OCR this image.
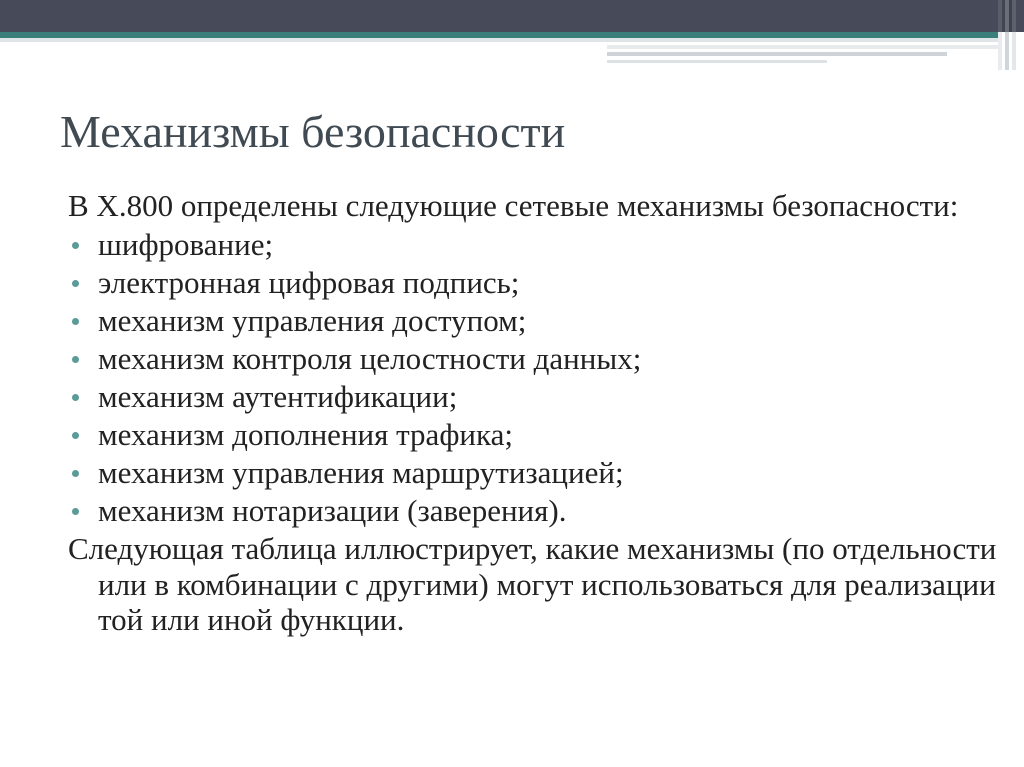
Механизмы безопасности

В X.800 определены следующие сетевые механизмы безопасности:

шифрование;
электронная цифровая подпись;
механизм управления доступом;
механизм контроля целостности данных;
механизм аутентификации;
механизм дополнения трафика;
механизм управления маршрутизацией;
механизм нотаризации (заверения).

Следующая таблица иллюстрирует, какие механизмы (по отдельности или в комбинации с другими) могут использоваться для реализации той или иной функции.
